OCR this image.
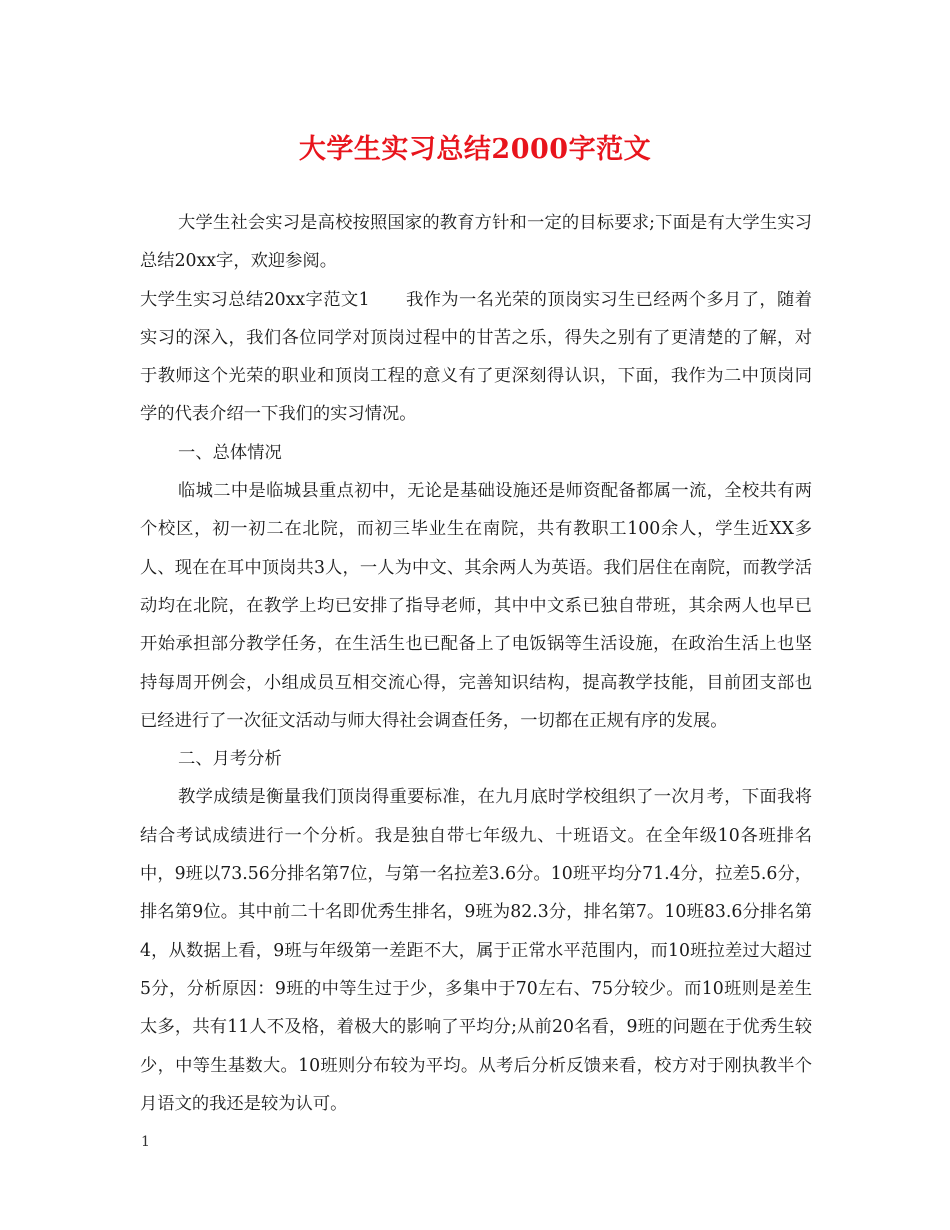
大学生实习总结2000字范文

大学生社会实习是高校按照国家的教育方针和一定的目标要求;下面是有大学生实习总结20xx字，欢迎参阅。

大学生实习总结20xx字范文1 我作为一名光荣的顶岗实习生已经两个多月了，随着实习的深入，我们各位同学对顶岗过程中的甘苦之乐，得失之别有了更清楚的了解，对于教师这个光荣的职业和顶岗工程的意义有了更深刻得认识，下面，我作为二中顶岗同学的代表介绍一下我们的实习情况。

一、总体情况

临城二中是临城县重点初中，无论是基础设施还是师资配备都属一流，全校共有两个校区，初一初二在北院，而初三毕业生在南院，共有教职工100余人，学生近XX多人、现在在耳中顶岗共3人，一人为中文、其余两人为英语。我们居住在南院，而教学活动均在北院，在教学上均已安排了指导老师，其中中文系已独自带班，其余两人也早已开始承担部分教学任务，在生活生也已配备上了电饭锅等生活设施，在政治生活上也坚持每周开例会，小组成员互相交流心得，完善知识结构，提高教学技能，目前团支部也已经进行了一次征文活动与师大得社会调查任务，一切都在正规有序的发展。

二、月考分析

教学成绩是衡量我们顶岗得重要标准，在九月底时学校组织了一次月考，下面我将结合考试成绩进行一个分析。我是独自带七年级九、十班语文。在全年级10各班排名中，9班以73.56分排名第7位，与第一名拉差3.6分。10班平均分71.4分，拉差5.6分，排名第9位。其中前二十名即优秀生排名，9班为82.3分，排名第7。10班83.6分排名第4，从数据上看，9班与年级第一差距不大，属于正常水平范围内，而10班拉差过大超过5分，分析原因：9班的中等生过于少，多集中于70左右、75分较少。而10班则是差生太多，共有11人不及格，着极大的影响了平均分;从前20名看，9班的问题在于优秀生较少，中等生基数大。10班则分布较为平均。从考后分析反馈来看，校方对于刚执教半个月语文的我还是较为认可。

1
